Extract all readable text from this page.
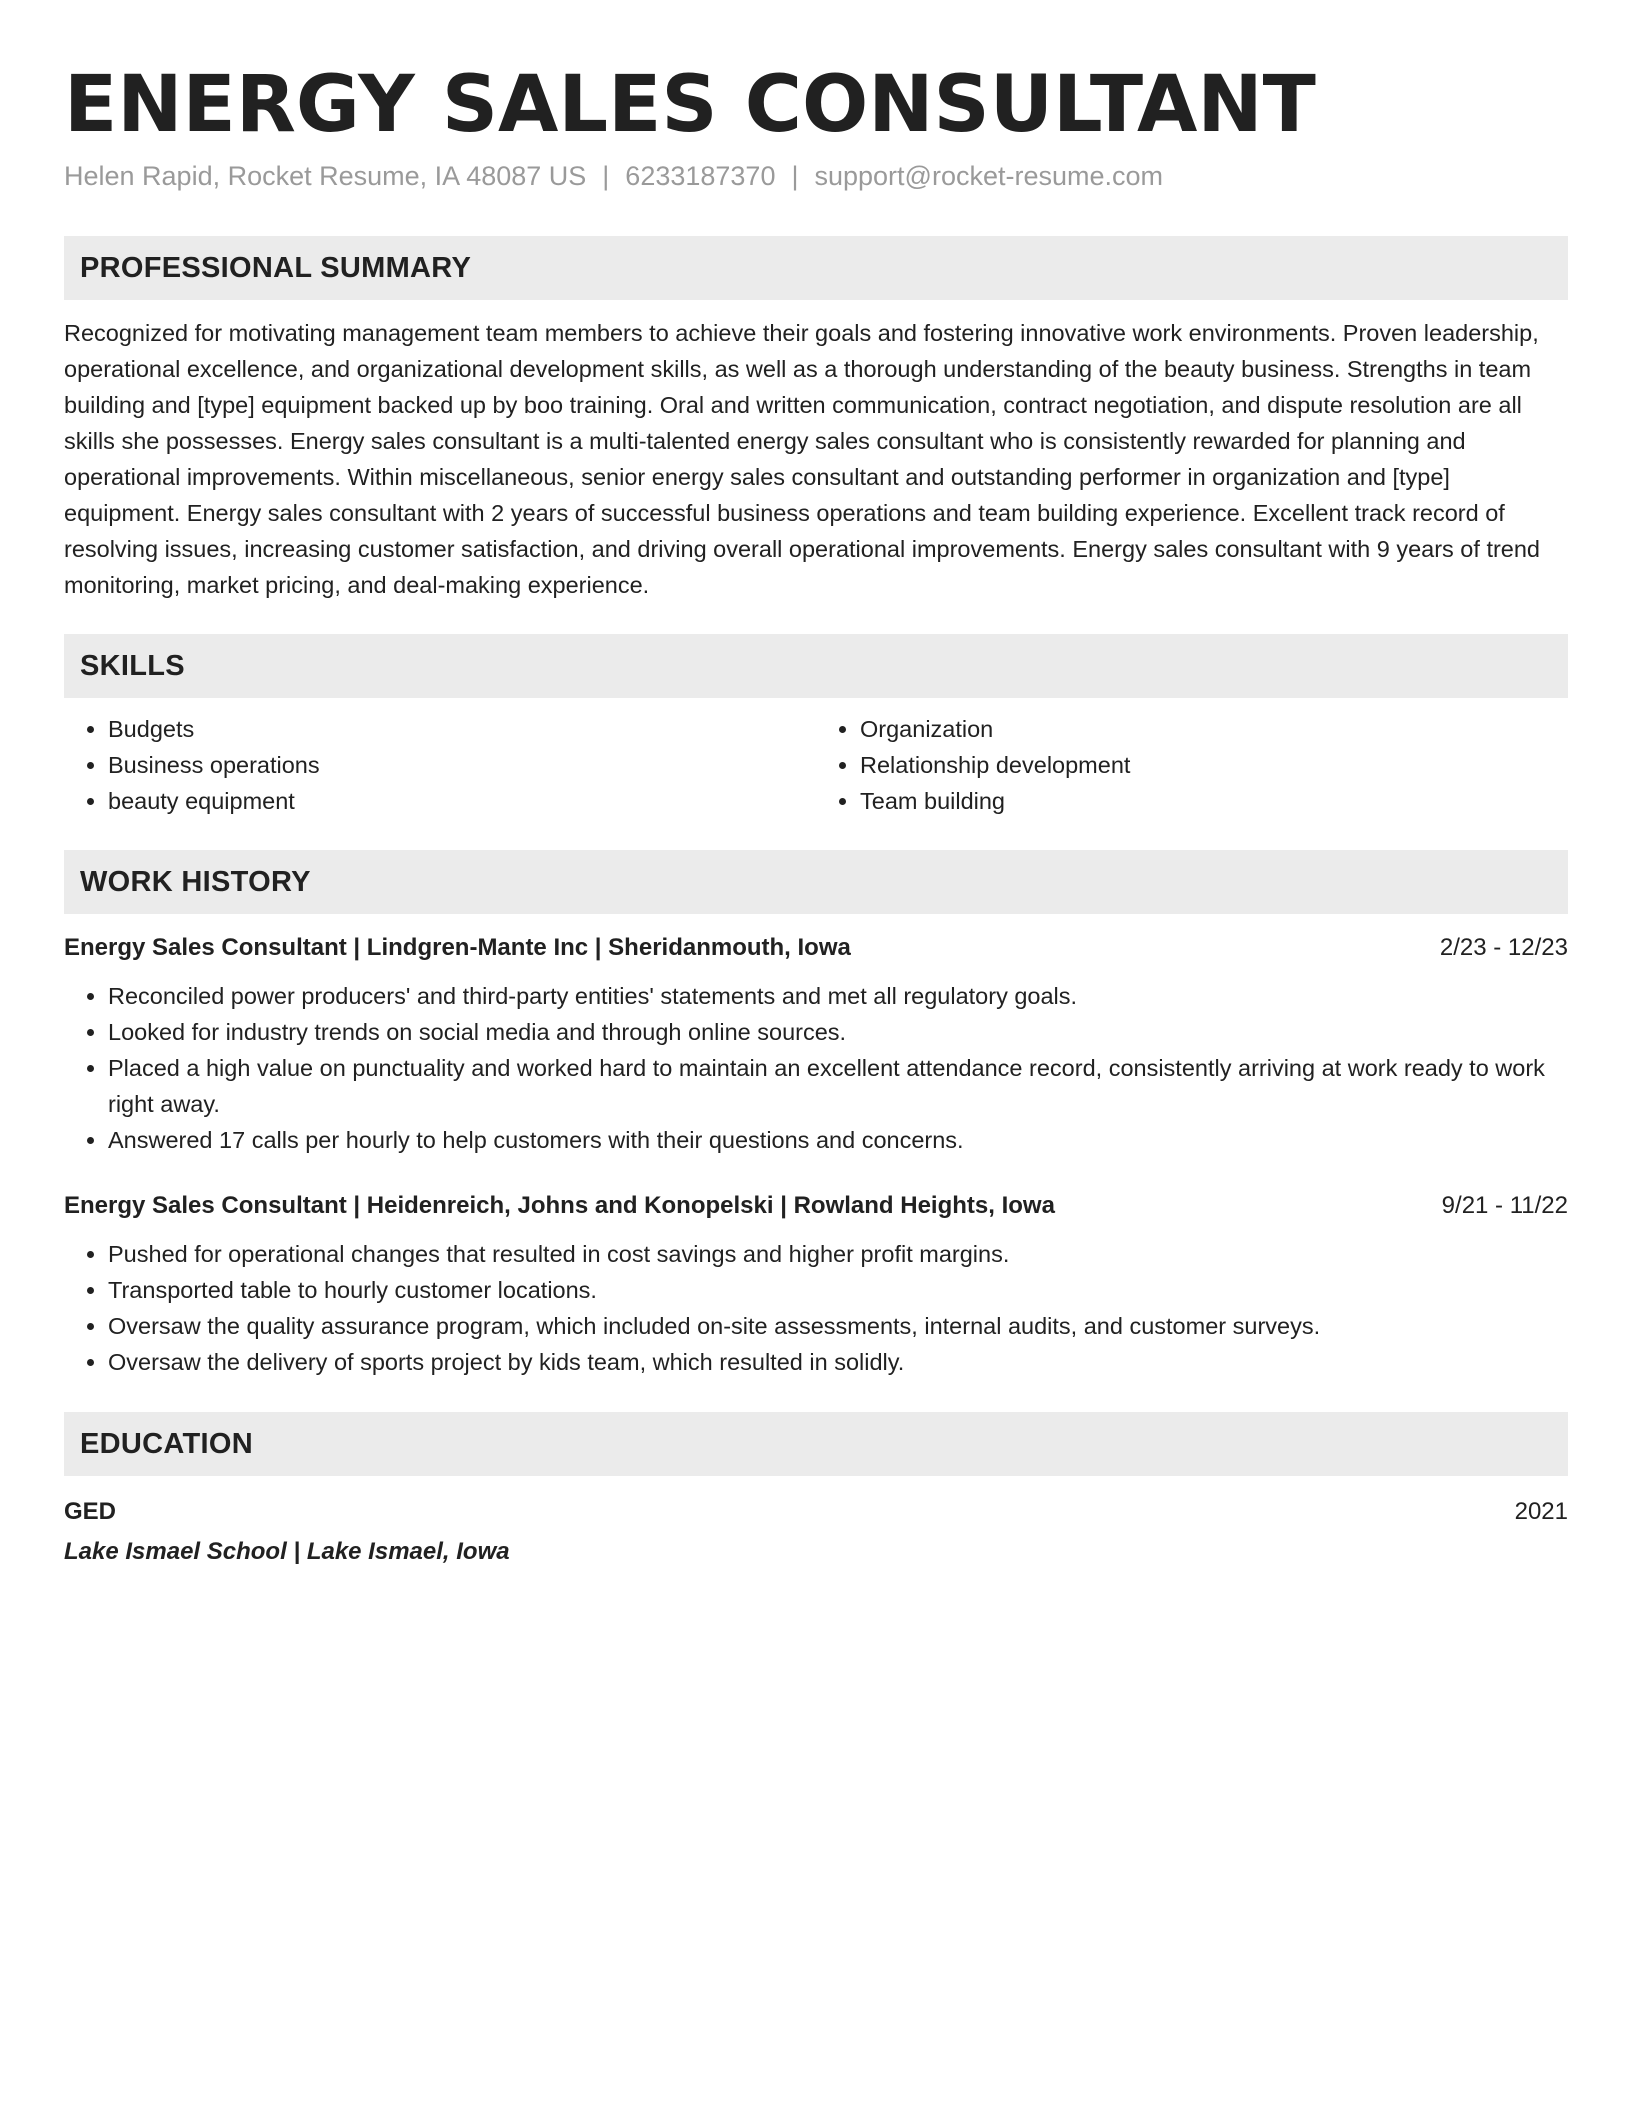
ENERGY SALES CONSULTANT
Helen Rapid, Rocket Resume, IA 48087 US | 6233187370 | support@rocket-resume.com
PROFESSIONAL SUMMARY

Recognized for motivating management team members to achieve their goals and fostering innovative work environments. Proven leadership, operational excellence, and organizational development skills, as well as a thorough understanding of the beauty business. Strengths in team building and [type] equipment backed up by boo training. Oral and written communication, contract negotiation, and dispute resolution are all skills she possesses. Energy sales consultant is a multi-talented energy sales consultant who is consistently rewarded for planning and operational improvements. Within miscellaneous, senior energy sales consultant and outstanding performer in organization and [type] equipment. Energy sales consultant with 2 years of successful business operations and team building experience. Excellent track record of resolving issues, increasing customer satisfaction, and driving overall operational improvements. Energy sales consultant with 9 years of trend monitoring, market pricing, and deal-making experience.

SKILLS
• Budgets
• Business operations
• beauty equipment
• Organization
• Relationship development
• Team building
WORK HISTORY
Energy Sales Consultant | Lindgren-Mante Inc | Sheridanmouth, Iowa	2/23 - 12/23
• Reconciled power producers' and third-party entities' statements and met all regulatory goals.
• Looked for industry trends on social media and through online sources.
• Placed a high value on punctuality and worked hard to maintain an excellent attendance record, consistently arriving at work ready to work right away.
• Answered 17 calls per hourly to help customers with their questions and concerns.
Energy Sales Consultant | Heidenreich, Johns and Konopelski | Rowland Heights, Iowa	9/21 - 11/22
• Pushed for operational changes that resulted in cost savings and higher profit margins.
• Transported table to hourly customer locations.
• Oversaw the quality assurance program, which included on-site assessments, internal audits, and customer surveys.
• Oversaw the delivery of sports project by kids team, which resulted in solidly.
EDUCATION
GED	2021
Lake Ismael School | Lake Ismael, Iowa
